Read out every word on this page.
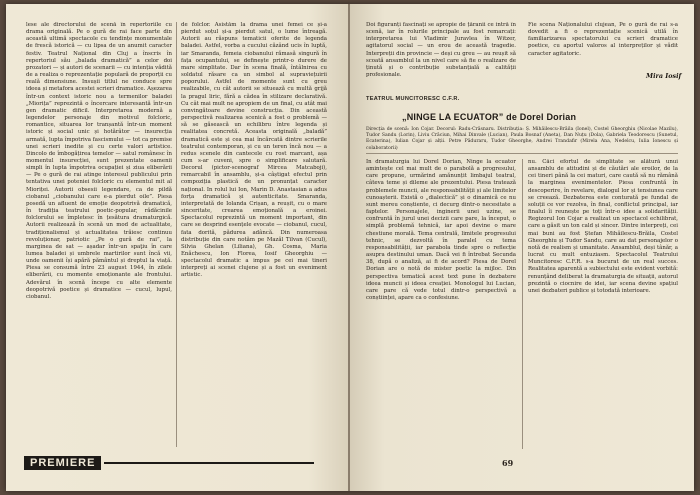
lese ale directorului de scenă în repertoriile cu drama originală. Pe o gură de rai face parte din această ultimă spectacole cu tendințe monumentale de frescă istorică — cu lipsa de un anumit caracter festiv. Teatrul Național din Cluj a înscris în repertoriul său „balada dramatică” a celor doi prozatori — și autori de scenarii — cu intenția vădită de a realiza o reprezentație populară de proporții cu reală dimensiune. Insușii titlul ne conduce spre ideea și metafora acestei scrieri dramatice. Așezarea într-un context istoric nou a termenilor baladei „Miorița” reprezintă o încercare interesantă într-un gen dramatic dificil. Interpretarea modernă a legendelor personaje din motivul folcloric, romantice, situarea lor tranșantă într-un moment istoric și social unic și hotărâtor — insurecția armată, lupta împotriva fascismului — tot ca premise unei scrieri inedite și cu certe valori artistice. Dincolo de îmbogățirea temelor — satul românesc în momentul insurecției, sunt prezentate oamenii simpli în lupta împotriva ocupației și ziua eliberării — Pe o gură de rai atinge interesul publicului prin tentativa unei poteniei folcloric cu elementul mit al Mioriței. Autorii obsesii legendare, ca de pildă ciobanul „ciobanului care e-a pierdut oile”. Piesa posedă un afluent de emoție deopotrivă dramatică, în tradiția teatrului poetic-popular, rădăcinile folclorului se împletesc în țesătura dramaturgică. Autorii realizează în scenă un mod de actualitate, tradiționalismul și actualitatea trăiesc continuu revoluționar, patriotic „Pe o gură de rai”, la marginea de sat — așadar într-un spaţiu în care lumea baladei și umbrele martirilor sunt încă vii, unde oamenii își apără pământul și dreptul la viață. Piesa se consumă între 23 august 1944, în zilele eliberării, cu momente emoționante ale frontului. Adevărul în scenă începe cu alte elemente deopotrivă poetice și dramatice — cucul, lupul, ciobanul.
de folclor. Asistăm la drama unei femei ce și-a pierdut soțul și-a pierdut satul, o lume întreagă. Autorii au răspuns tematicii oferite de legenda baladei. Astfel, vorba a cucului căzând ucis în luptă, iar Smaranda, femeia ciobanului rămasă singură în fața ocupantului, se definește printr-o durere de mare simplitate. Dar în scena finală, întâlnirea cu soldatul răsare ca un simbol al supraviețuirii poporului. Astfel de momente sunt cu greu realizabile, cu cât autorii se situează cu multă grijă la pragul liric, fără a cădea în stilizare declarativă. Cu cât mai mult ne apropiem de un final, cu atât mai convingătoare devine construcția. Din această perspectivă realizarea scenică a fost o problemă — să se găsească un echilibru între legenda și realitatea concretă. Aceasta originală „baladă” dramatică este și cea mai încărcată dintre scrierile teatrului contemporan, și cu un teren încă nou — a redus scenele din cantecele cu rost marcant, așa cum s-ar cuveni, spre o simplificare salutară. Decorul (pictor-scenograf Mircea Matcaboji), remarcabil în ansamblu, și-a câștigat efectul prin compoziția plastică de un pronunțat caracter național. In rolul lui Ion, Marin D. Anastasian a adus forța dramatică și autenticitate. Smaranda, interpretată de Iolanda Crișan, a reușit, cu o mare sinceritate, crearea emoțională a eroinei. Spectacolul reprezintă un moment important, din care se desprind esențele evocate — ciobanul, cucul, fata dorită, pădurea adâncă. Din numeroasa distribuție din care notăm pe Mazăl Tilvan (Cucul), Silvia Ghelan (Liliana), Gh. Cosma, Maria Enăchescu, Ion Florea, Iosif Gheorghiu — spectacolul dramatic a impus pe cei mai tineri interpreți ai scenei clujene și a fost un eveniment artistic.
PREMIERE
Doi figuranți fascinați se apropie de țăranii ce intră în scenă, iar în rolurile principale au fost remarcați: interpretarea lui Vladimir Juravlea în Witzer, agitatorul social — un erou de această tragedie. Interpreții din provincie — deși cu greu — au reușit să scoată ansamblul la un nivel care să fie o realizare de ținută și o contribuție substanțială a calității profesionale.
Fie scena Naționalului clujean, Pe o gură de rai s-a dovedit a fi o reprezentație scenică utilă în familiarizarea spectatorului cu scrieri dramatice poetice, cu aportul valoros al interpreților și vădit caracter agitatoric.
Mira Iosif
TEATRUL MUNCITORESC C.F.R.
„NINGE LA ECUATOR” de Dorel Dorian
Direcția de scenă: Ion Cojar. Decorul: Radu-Crăsnaru. Distribuția: Ș. Mihăilescu-Brăila (Ionel), Costel Gheorghiu (Nicolae Mazilu), Tudor Sandu (Lorin), Liviu Crăciun, Mihai Dinvale (Lucian), Paula Bosnaf (Aneta), Dan Nuțu (Dola), Gabriela Teodorescu (Sunetul, Ecaterina), Iulian Cojar și alții. Petre Păduraru, Tudor Gheorghe, Andrei Trandafir (Mirela Ana, Nedelcu, Iulia Ionescu și colaboratorii)
În dramaturgia lui Dorel Dorian, Ninge la ecuator amintește cel mai mult de o parabolă a progresului, care propune, urmărind amănunțit limbajul teatral, câteva teme și dileme ale prezentului. Piesa tratează problemele muncii, ale responsabilității și ale limitelor cunoașterii. Există o „dialectică” și o dinamică ce nu sunt mereu conștiente, ci decurg dintr-o necesitate a faptelor. Personajele, inginerii unei uzine, se confruntă în jurul unei decizii care pare, la început, o simplă problemă tehnică, iar apoi devine o mare chestiune morală. Tema centrală, limitele progresului tehnic, se dezvoltă în paralel cu tema responsabilității, iar parabola tinde spre o reflecție asupra destinului uman. Dacă vei fi întrebat Secunda 38, după o analiză, ai fi de acord? Piesa de Dorel Dorian are o notă de mister poetic la mijloc. Din perspectiva tematică acest text pune în dezbatere ideea muncii și ideea creației. Monologul lui Lucian, care pare că vede totul dintr-o perspectivă a conștiinței, apare ca o confesiune.
nu. Căci efortul de simplitate se alătură unui ansamblu de atitudini și de căutări ale eroilor, de la cei tineri până la cei maturi, care caută să nu rămână la marginea evenimentelor. Piesa confruntă în descoperire, în revelare, dialogul lor și tensiunea care se creează. Dezbaterea este conturată pe fundal de soluții ce vor rezolva, în final, conflictul principal, iar finalul îi reunește pe toți într-o idee a solidarității. Regizorul Ion Cojar a realizat un spectacol echilibrat, care a găsit un ton cald și sincer. Dintre interpreți, cei mai buni au fost Ștefan Mihăilescu-Brăila, Costel Gheorghiu și Tudor Sandu, care au dat personajelor o notă de realism și umanitate. Ansamblul, deși tânăr, a lucrat cu mult entuziasm. Spectacolul Teatrului Muncitoresc C.F.R. s-a bucurat de un real succes. Realitatea aparentă a subiectului este evident vorbită: renunțând deliberat la dramaturgia de situații, autorul prezintă o ciocnire de idei, iar scena devine spațiul unei dezbateri publice și totodată interioare.
69
